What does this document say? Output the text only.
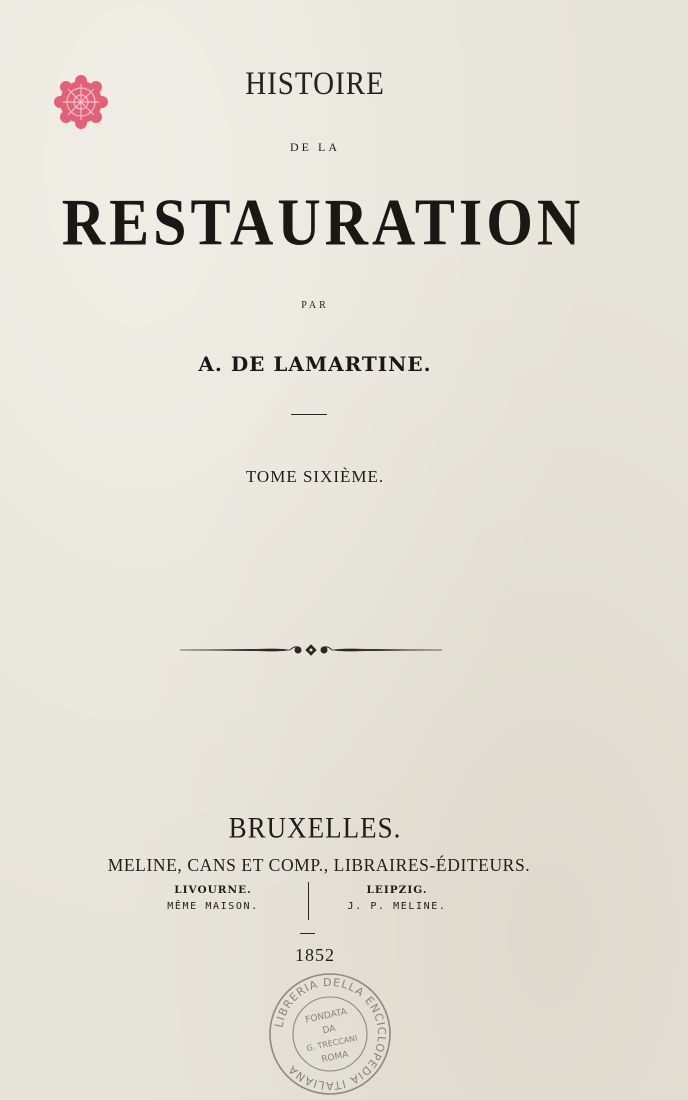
HISTOIRE
DE LA
RESTAURATION
PAR
A. DE LAMARTINE.
TOME SIXIÈME.
BRUXELLES.
MELINE, CANS ET COMP., LIBRAIRES-ÉDITEURS.
LIVOURNE.
MÊME MAISON.
LEIPZIG.
J. P. MELINE.
1852
LIBRERIA DELLA ENCICLOPEDIA ITALIANA
FONDATA
DA
G. TRECCANI
ROMA
